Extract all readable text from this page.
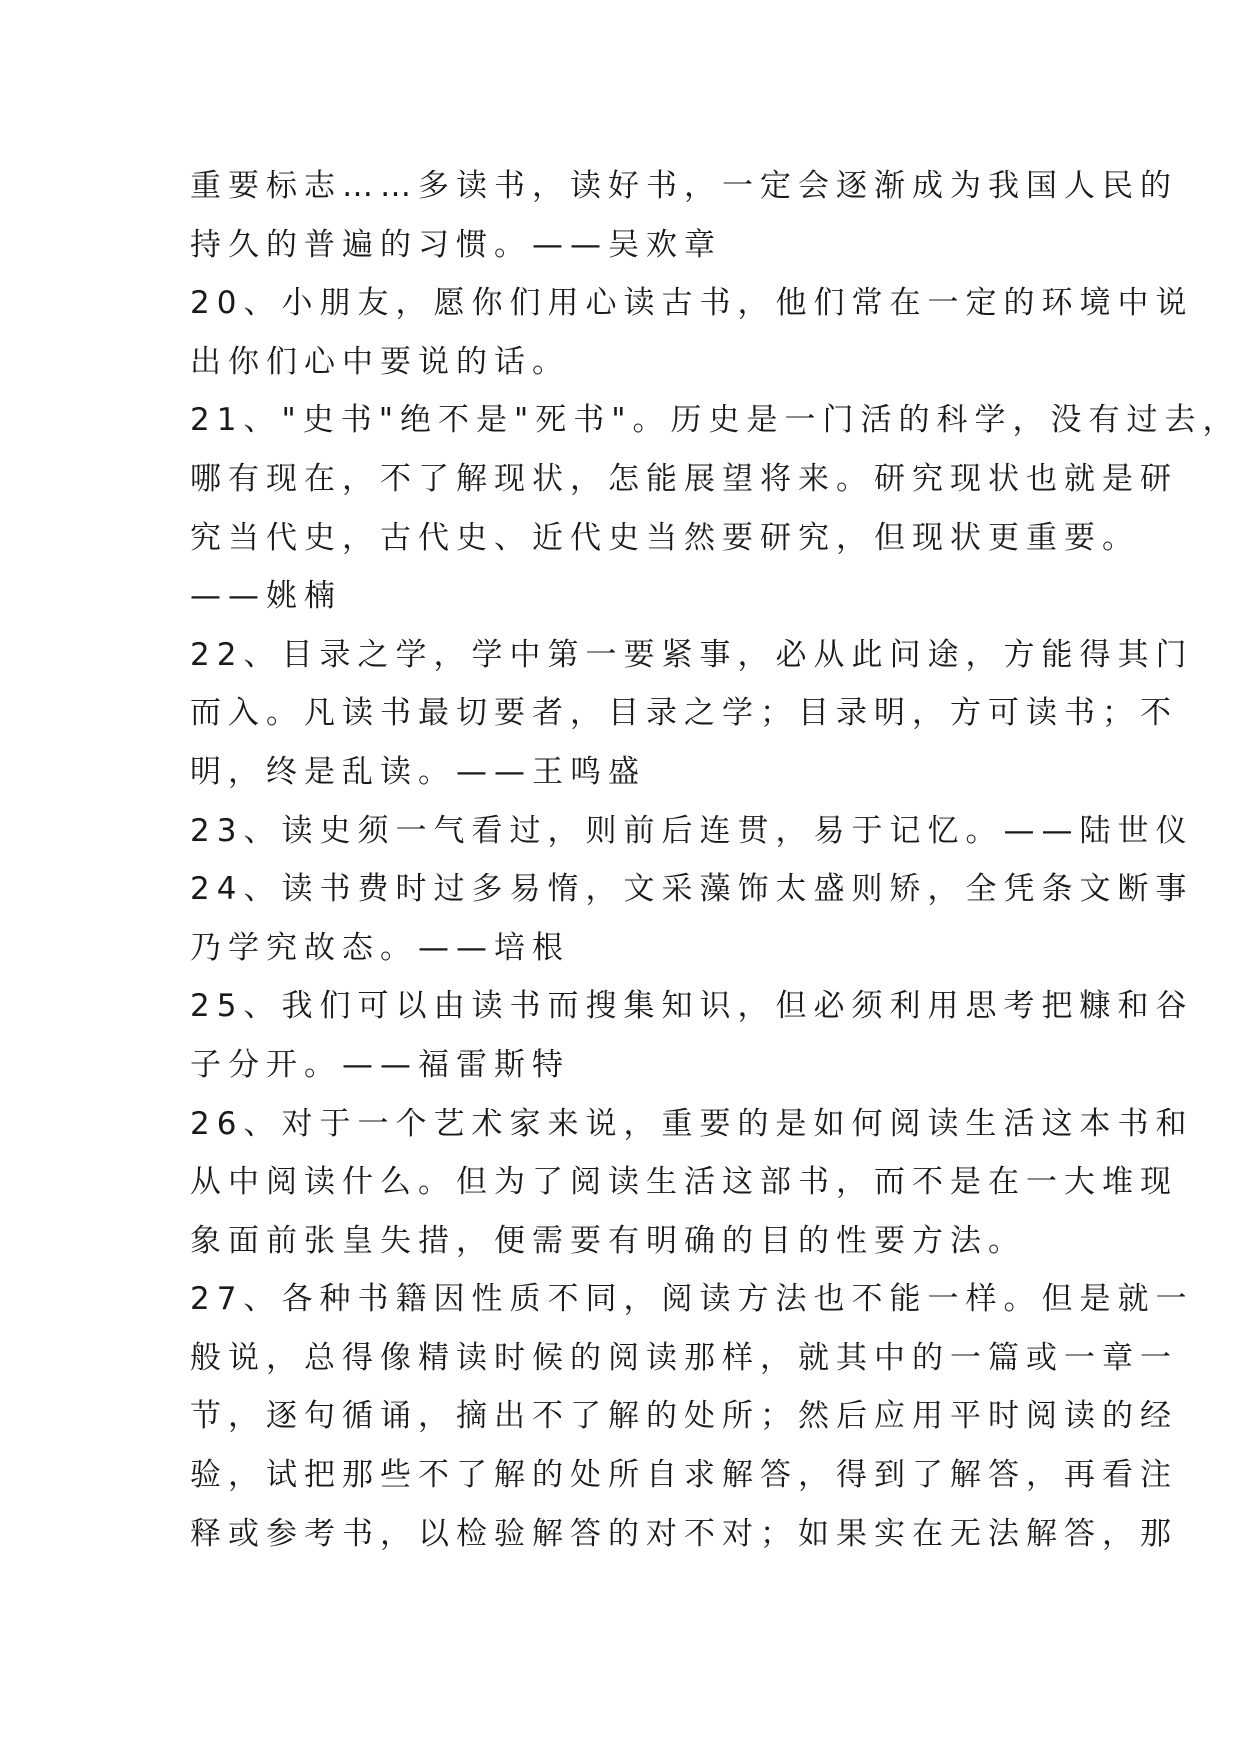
重要标志……多读书，读好书，一定会逐渐成为我国人民的
持久的普遍的习惯。——吴欢章
20、小朋友，愿你们用心读古书，他们常在一定的环境中说
出你们心中要说的话。
21、"史书"绝不是"死书"。历史是一门活的科学，没有过去，
哪有现在，不了解现状，怎能展望将来。研究现状也就是研
究当代史，古代史、近代史当然要研究，但现状更重要。
——姚楠
22、目录之学，学中第一要紧事，必从此问途，方能得其门
而入。凡读书最切要者，目录之学；目录明，方可读书；不
明，终是乱读。——王鸣盛
23、读史须一气看过，则前后连贯，易于记忆。——陆世仪
24、读书费时过多易惰，文采藻饰太盛则矫，全凭条文断事
乃学究故态。——培根
25、我们可以由读书而搜集知识，但必须利用思考把糠和谷
子分开。——福雷斯特
26、对于一个艺术家来说，重要的是如何阅读生活这本书和
从中阅读什么。但为了阅读生活这部书，而不是在一大堆现
象面前张皇失措，便需要有明确的目的性要方法。
27、各种书籍因性质不同，阅读方法也不能一样。但是就一
般说，总得像精读时候的阅读那样，就其中的一篇或一章一
节，逐句循诵，摘出不了解的处所；然后应用平时阅读的经
验，试把那些不了解的处所自求解答，得到了解答，再看注
释或参考书，以检验解答的对不对；如果实在无法解答，那
